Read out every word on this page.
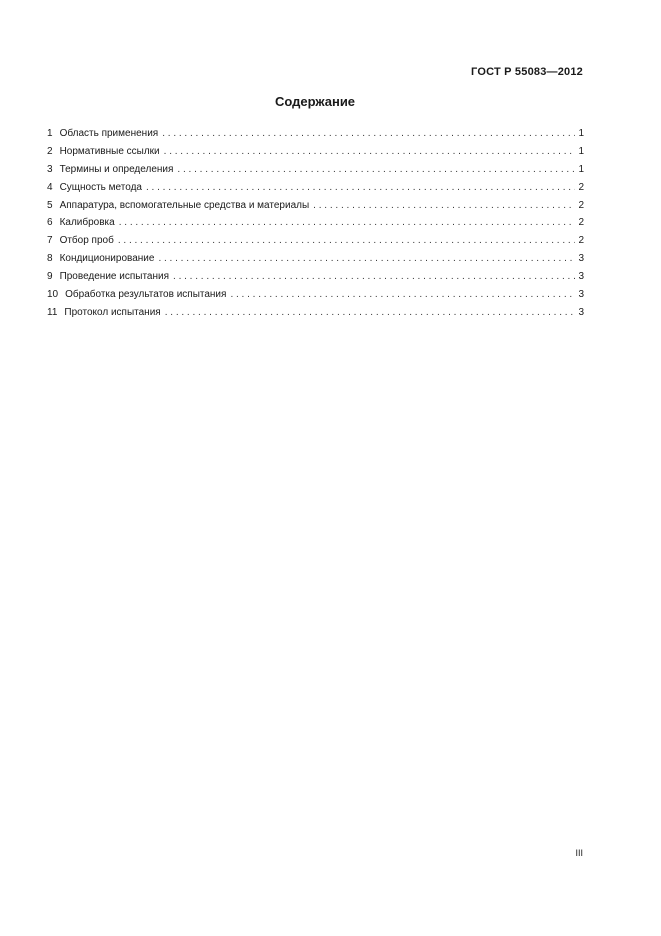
ГОСТ Р 55083—2012
Содержание
1 Область применения . . .	1
2 Нормативные ссылки . . .	1
3 Термины и определения . . .	1
4 Сущность метода . . .	2
5 Аппаратура, вспомогательные средства и материалы . . .	2
6 Калибровка . . .	2
7 Отбор проб . . .	2
8 Кондиционирование . . .	3
9 Проведение испытания . . .	3
10 Обработка результатов испытания . . .	3
11 Протокол испытания . . .	3
III
